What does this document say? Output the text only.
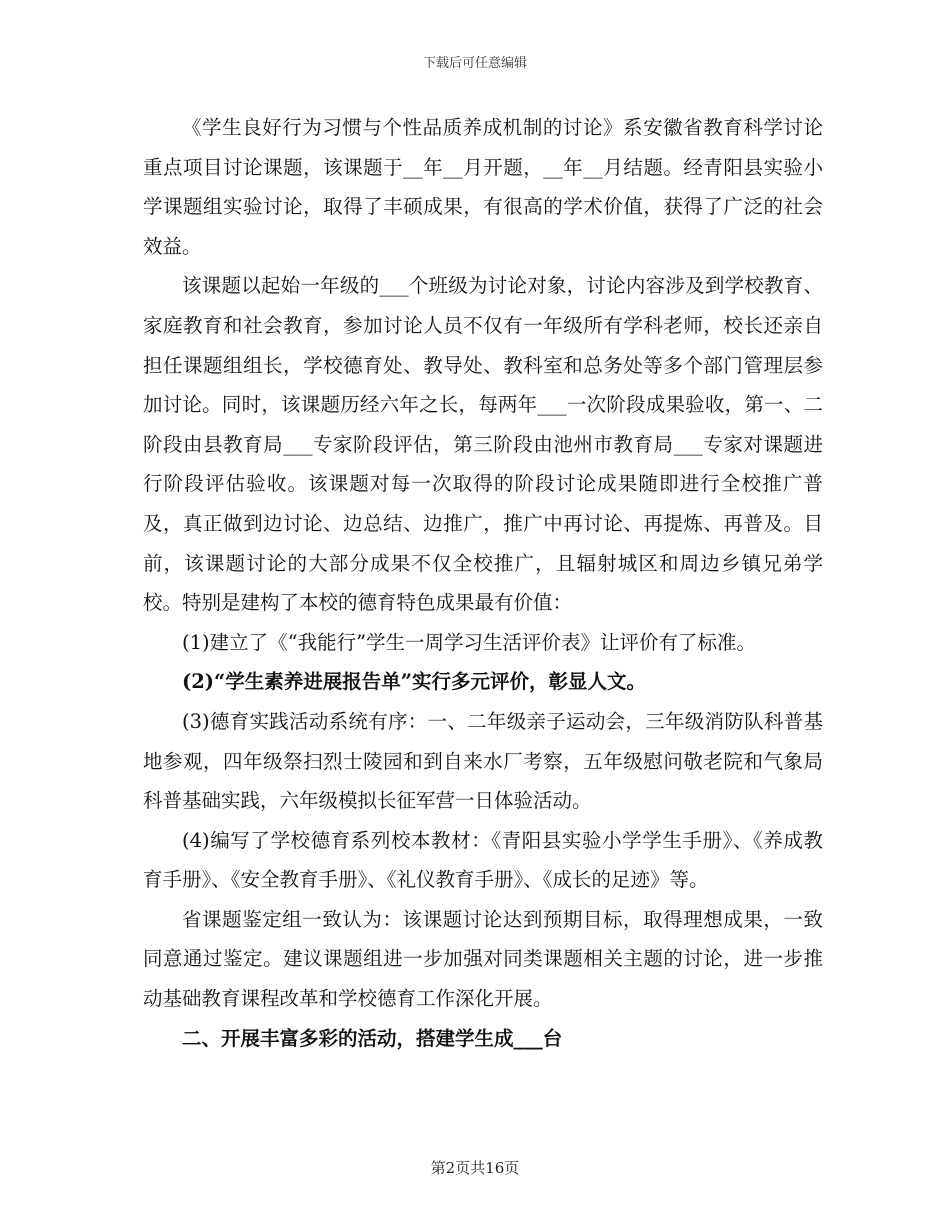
下载后可任意编辑

《学生良好行为习惯与个性品质养成机制的讨论》系安徽省教育科学讨论重点项目讨论课题，该课题于__年__月开题，__年__月结题。经青阳县实验小学课题组实验讨论，取得了丰硕成果，有很高的学术价值，获得了广泛的社会效益。

该课题以起始一年级的___个班级为讨论对象，讨论内容涉及到学校教育、家庭教育和社会教育，参加讨论人员不仅有一年级所有学科老师，校长还亲自担任课题组组长，学校德育处、教导处、教科室和总务处等多个部门管理层参加讨论。同时，该课题历经六年之长，每两年___一次阶段成果验收，第一、二阶段由县教育局___专家阶段评估，第三阶段由池州市教育局___专家对课题进行阶段评估验收。该课题对每一次取得的阶段讨论成果随即进行全校推广普及，真正做到边讨论、边总结、边推广，推广中再讨论、再提炼、再普及。目前，该课题讨论的大部分成果不仅全校推广，且辐射城区和周边乡镇兄弟学校。特别是建构了本校的德育特色成果最有价值：

(1)建立了《“我能行”学生一周学习生活评价表》让评价有了标准。

(2)“学生素养进展报告单”实行多元评价，彰显人文。

(3)德育实践活动系统有序：一、二年级亲子运动会，三年级消防队科普基地参观，四年级祭扫烈士陵园和到自来水厂考察，五年级慰问敬老院和气象局科普基础实践，六年级模拟长征军营一日体验活动。

(4)编写了学校德育系列校本教材：《青阳县实验小学学生手册》、《养成教育手册》、《安全教育手册》、《礼仪教育手册》、《成长的足迹》等。

省课题鉴定组一致认为：该课题讨论达到预期目标，取得理想成果，一致同意通过鉴定。建议课题组进一步加强对同类课题相关主题的讨论，进一步推动基础教育课程改革和学校德育工作深化开展。

二、开展丰富多彩的活动，搭建学生成___台

第2页共16页
